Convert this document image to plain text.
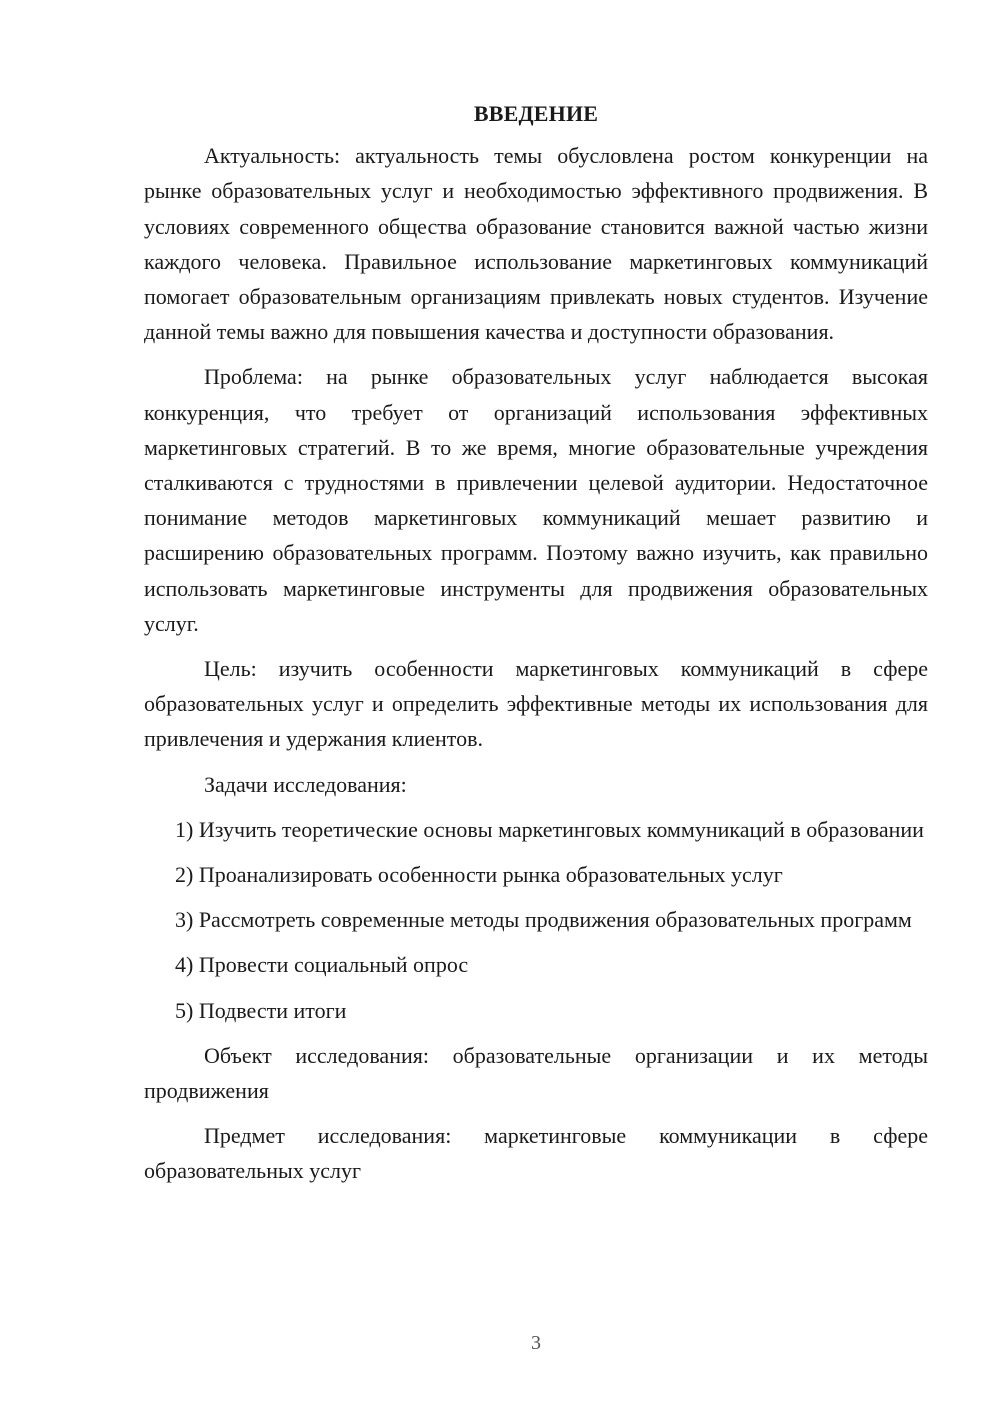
ВВЕДЕНИЕ

Актуальность: актуальность темы обусловлена ростом конкуренции на рынке образовательных услуг и необходимостью эффективного продвижения. В условиях современного общества образование становится важной частью жизни каждого человека. Правильное использование маркетинговых коммуникаций помогает образовательным организациям привлекать новых студентов. Изучение данной темы важно для повышения качества и доступности образования.

Проблема: на рынке образовательных услуг наблюдается высокая конкуренция, что требует от организаций использования эффективных маркетинговых стратегий. В то же время, многие образовательные учреждения сталкиваются с трудностями в привлечении целевой аудитории. Недостаточное понимание методов маркетинговых коммуникаций мешает развитию и расширению образовательных программ. Поэтому важно изучить, как правильно использовать маркетинговые инструменты для продвижения образовательных услуг.

Цель: изучить особенности маркетинговых коммуникаций в сфере образовательных услуг и определить эффективные методы их использования для привлечения и удержания клиентов.

Задачи исследования:

1) Изучить теоретические основы маркетинговых коммуникаций в образовании

2) Проанализировать особенности рынка образовательных услуг

3) Рассмотреть современные методы продвижения образовательных программ

4) Провести социальный опрос

5) Подвести итоги

Объект исследования: образовательные организации и их методы продвижения

Предмет исследования: маркетинговые коммуникации в сфере образовательных услуг

3
